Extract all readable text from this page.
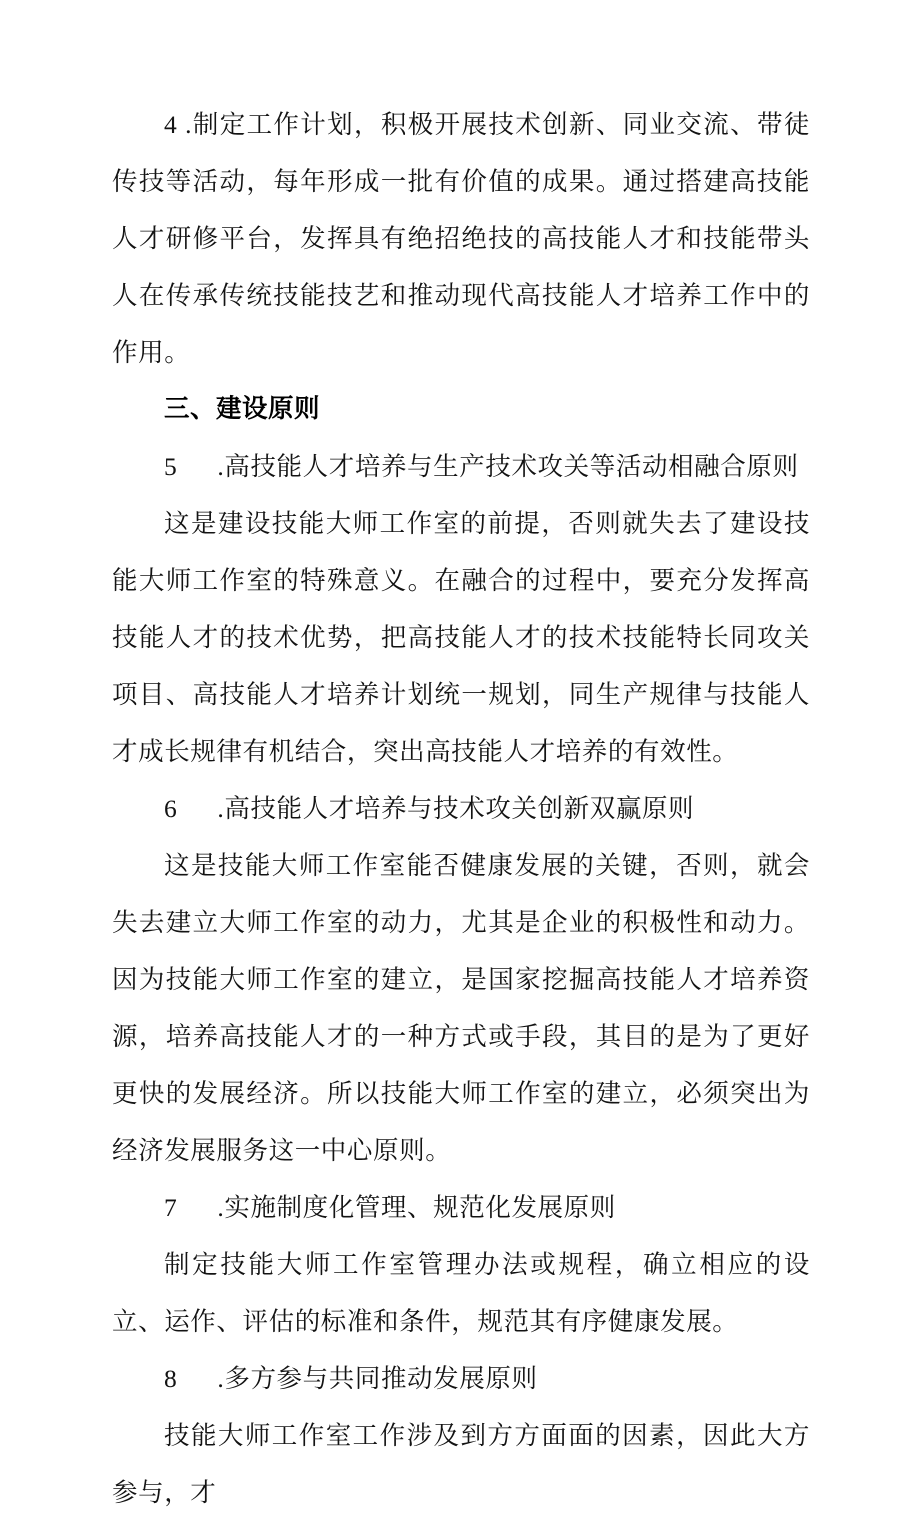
4 .制定工作计划，积极开展技术创新、同业交流、带徒传技等活动，每年形成一批有价值的成果。通过搭建高技能人才研修平台，发挥具有绝招绝技的高技能人才和技能带头人在传承传统技能技艺和推动现代高技能人才培养工作中的作用。

三、建设原则

5 .高技能人才培养与生产技术攻关等活动相融合原则

这是建设技能大师工作室的前提，否则就失去了建设技能大师工作室的特殊意义。在融合的过程中，要充分发挥高技能人才的技术优势，把高技能人才的技术技能特长同攻关项目、高技能人才培养计划统一规划，同生产规律与技能人才成长规律有机结合，突出高技能人才培养的有效性。

6 .高技能人才培养与技术攻关创新双赢原则

这是技能大师工作室能否健康发展的关键，否则，就会失去建立大师工作室的动力，尤其是企业的积极性和动力。因为技能大师工作室的建立，是国家挖掘高技能人才培养资源，培养高技能人才的一种方式或手段，其目的是为了更好更快的发展经济。所以技能大师工作室的建立，必须突出为经济发展服务这一中心原则。

7 .实施制度化管理、规范化发展原则

制定技能大师工作室管理办法或规程，确立相应的设立、运作、评估的标准和条件，规范其有序健康发展。

8 .多方参与共同推动发展原则

技能大师工作室工作涉及到方方面面的因素，因此大方参与，才
